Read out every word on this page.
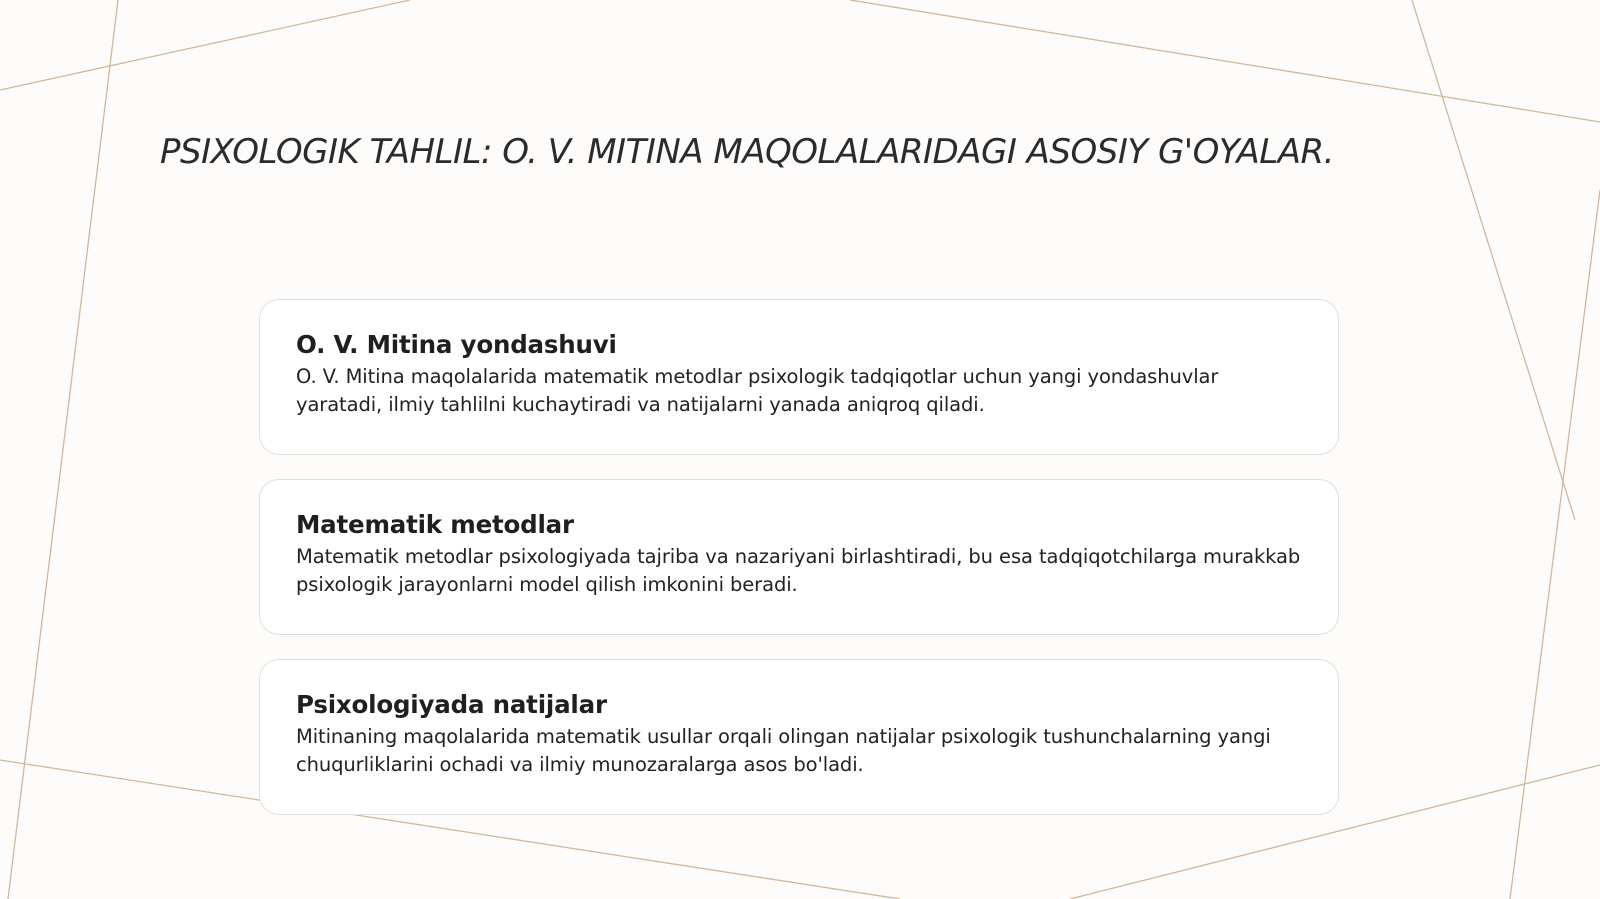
PSIXOLOGIK TAHLIL: O. V. MITINA MAQOLALARIDAGI ASOSIY G'OYALAR.
O. V. Mitina yondashuvi

O. V. Mitina maqolalarida matematik metodlar psixologik tadqiqotlar uchun yangi yondashuvlar yaratadi, ilmiy tahlilni kuchaytiradi va natijalarni yanada aniqroq qiladi.

Matematik metodlar

Matematik metodlar psixologiyada tajriba va nazariyani birlashtiradi, bu esa tadqiqotchilarga murakkab psixologik jarayonlarni model qilish imkonini beradi.

Psixologiyada natijalar

Mitinaning maqolalarida matematik usullar orqali olingan natijalar psixologik tushunchalarning yangi chuqurliklarini ochadi va ilmiy munozaralarga asos bo'ladi.
